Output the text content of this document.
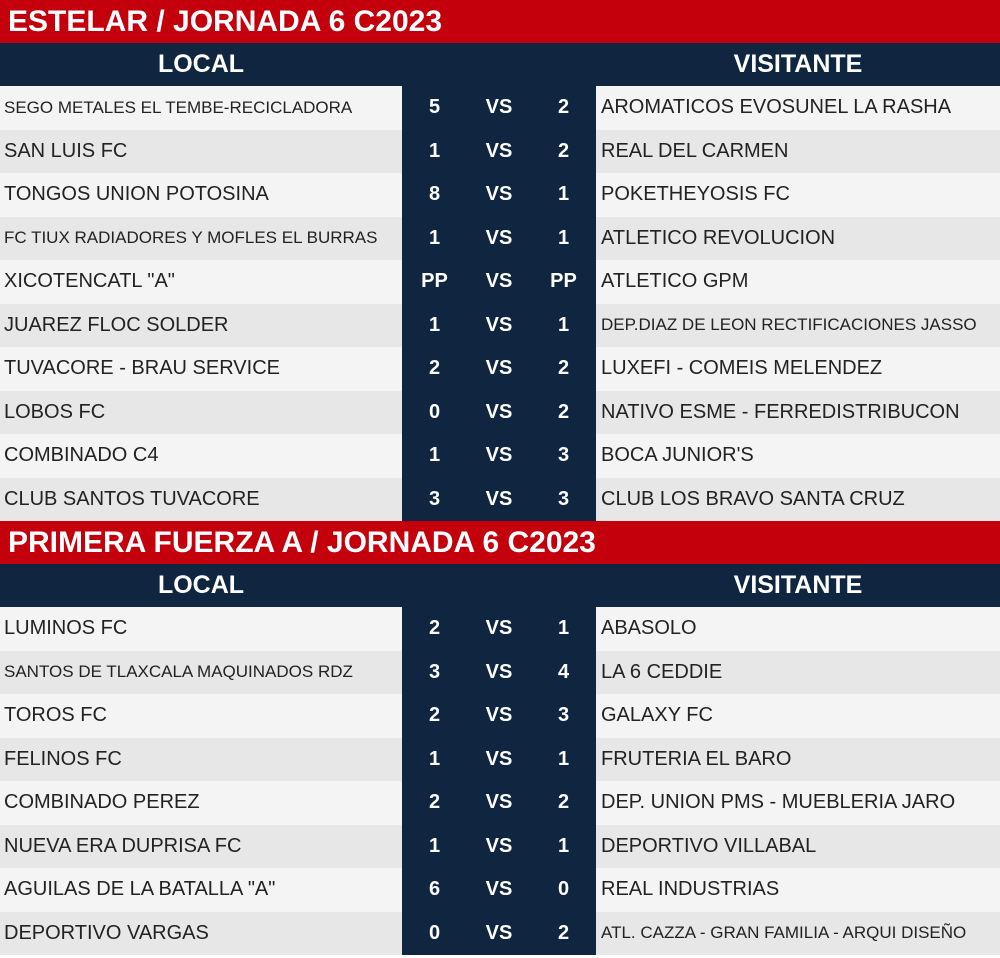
ESTELAR / JORNADA 6 C2023
LOCAL	VISITANTE
SEGO METALES EL TEMBE-RECICLADORA	5	VS	2	AROMATICOS EVOSUNEL LA RASHA
SAN LUIS FC	1	VS	2	REAL DEL CARMEN
TONGOS UNION POTOSINA	8	VS	1	POKETHEYOSIS FC
FC TIUX RADIADORES Y MOFLES EL BURRAS	1	VS	1	ATLETICO REVOLUCION
XICOTENCATL "A"	PP	VS	PP	ATLETICO GPM
JUAREZ FLOC SOLDER	1	VS	1	DEP.DIAZ DE LEON RECTIFICACIONES JASSO
TUVACORE - BRAU SERVICE	2	VS	2	LUXEFI - COMEIS MELENDEZ
LOBOS FC	0	VS	2	NATIVO ESME - FERREDISTRIBUCON
COMBINADO C4	1	VS	3	BOCA JUNIOR'S
CLUB SANTOS TUVACORE	3	VS	3	CLUB LOS BRAVO SANTA CRUZ
PRIMERA FUERZA A / JORNADA 6 C2023
LOCAL	VISITANTE
LUMINOS FC	2	VS	1	ABASOLO
SANTOS DE TLAXCALA MAQUINADOS RDZ	3	VS	4	LA 6 CEDDIE
TOROS FC	2	VS	3	GALAXY FC
FELINOS FC	1	VS	1	FRUTERIA EL BARO
COMBINADO PEREZ	2	VS	2	DEP. UNION PMS - MUEBLERIA JARO
NUEVA ERA DUPRISA FC	1	VS	1	DEPORTIVO VILLABAL
AGUILAS DE LA BATALLA "A"	6	VS	0	REAL INDUSTRIAS
DEPORTIVO VARGAS	0	VS	2	ATL. CAZZA - GRAN FAMILIA - ARQUI DISEÑO
